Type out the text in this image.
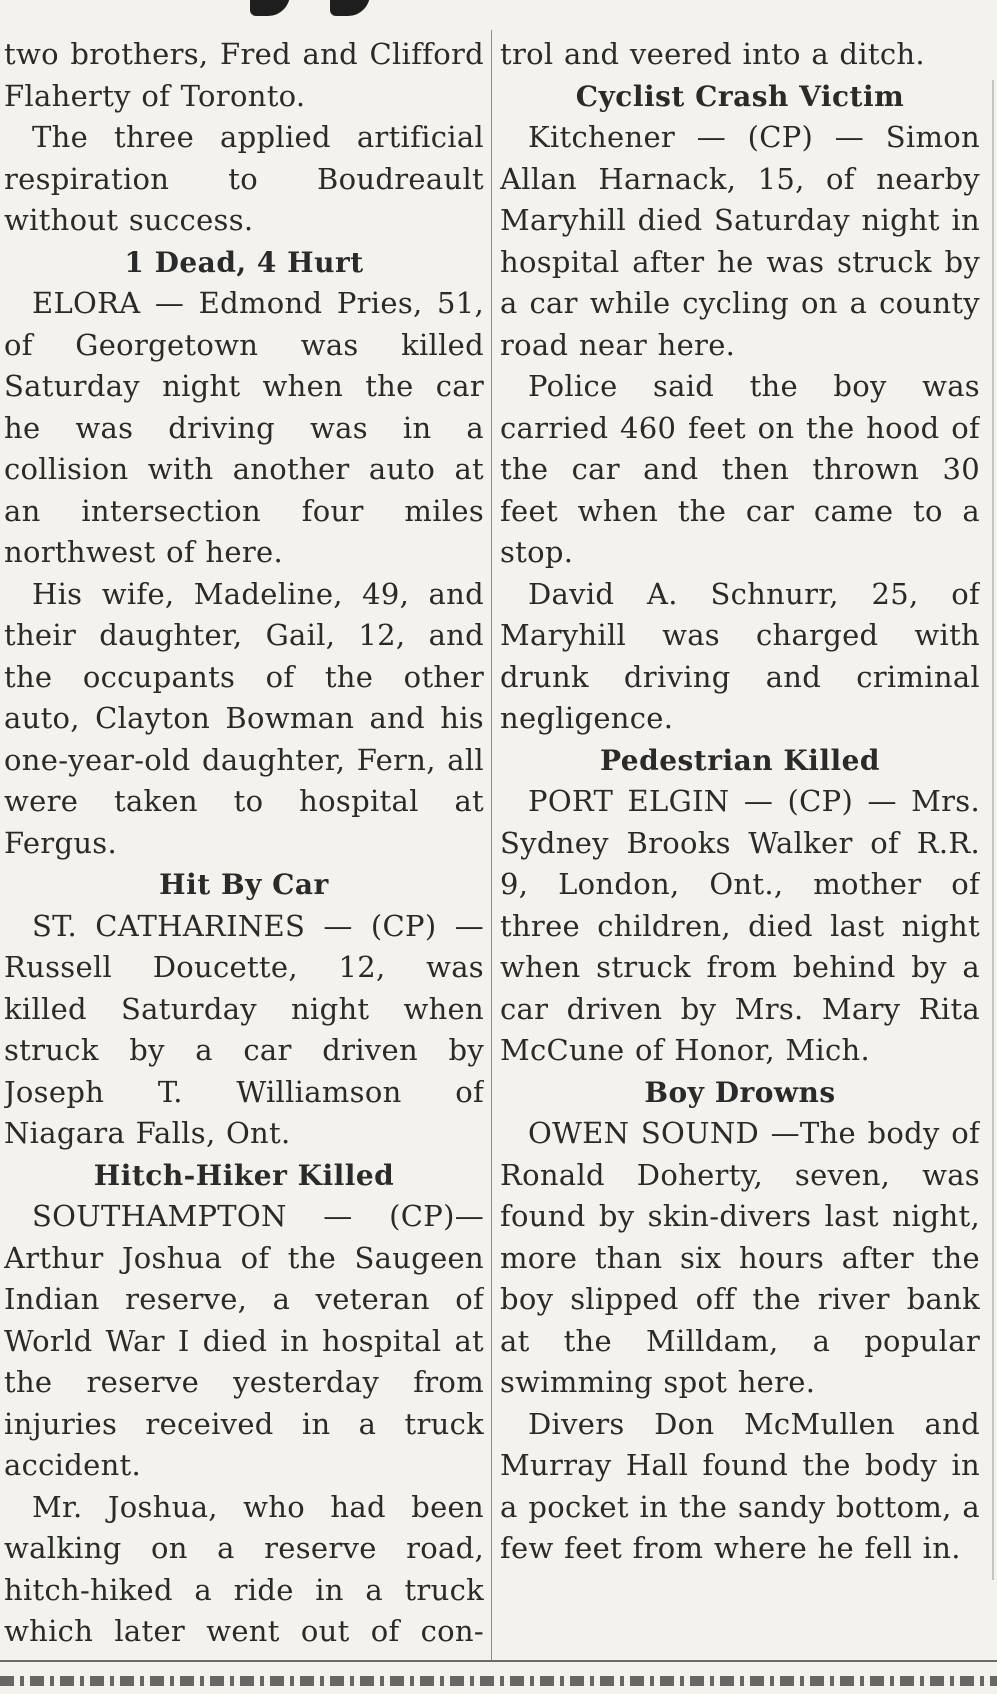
two brothers, Fred and Clifford Flaherty of Toronto.

The three applied artificial respiration to Boudreault without success.

1 Dead, 4 Hurt

ELORA — Edmond Pries, 51, of Georgetown was killed Saturday night when the car he was driving was in a collision with another auto at an intersection four miles northwest of here.

His wife, Madeline, 49, and their daughter, Gail, 12, and the occupants of the other auto, Clayton Bowman and his one-year-old daughter, Fern, all were taken to hospital at Fergus.

Hit By Car

ST. CATHARINES — (CP) —Russell Doucette, 12, was killed Saturday night when struck by a car driven by Joseph T. Williamson of Niagara Falls, Ont.

Hitch-Hiker Killed

SOUTHAMPTON — (CP)— Arthur Joshua of the Saugeen Indian reserve, a veteran of World War I died in hospital at the reserve yesterday from injuries received in a truck accident.

Mr. Joshua, who had been walking on a reserve road, hitch-hiked a ride in a truck which later went out of con-

trol and veered into a ditch.

Cyclist Crash Victim

Kitchener — (CP) — Simon Allan Harnack, 15, of nearby Maryhill died Saturday night in hospital after he was struck by a car while cycling on a county road near here.

Police said the boy was carried 460 feet on the hood of the car and then thrown 30 feet when the car came to a stop.

David A. Schnurr, 25, of Maryhill was charged with drunk driving and criminal negligence.

Pedestrian Killed

PORT ELGIN — (CP) — Mrs. Sydney Brooks Walker of R.R. 9, London, Ont., mother of three children, died last night when struck from behind by a car driven by Mrs. Mary Rita McCune of Honor, Mich.

Boy Drowns

OWEN SOUND —The body of Ronald Doherty, seven, was found by skin-divers last night, more than six hours after the boy slipped off the river bank at the Milldam, a popular swimming spot here.

Divers Don McMullen and Murray Hall found the body in a pocket in the sandy bottom, a few feet from where he fell in.
